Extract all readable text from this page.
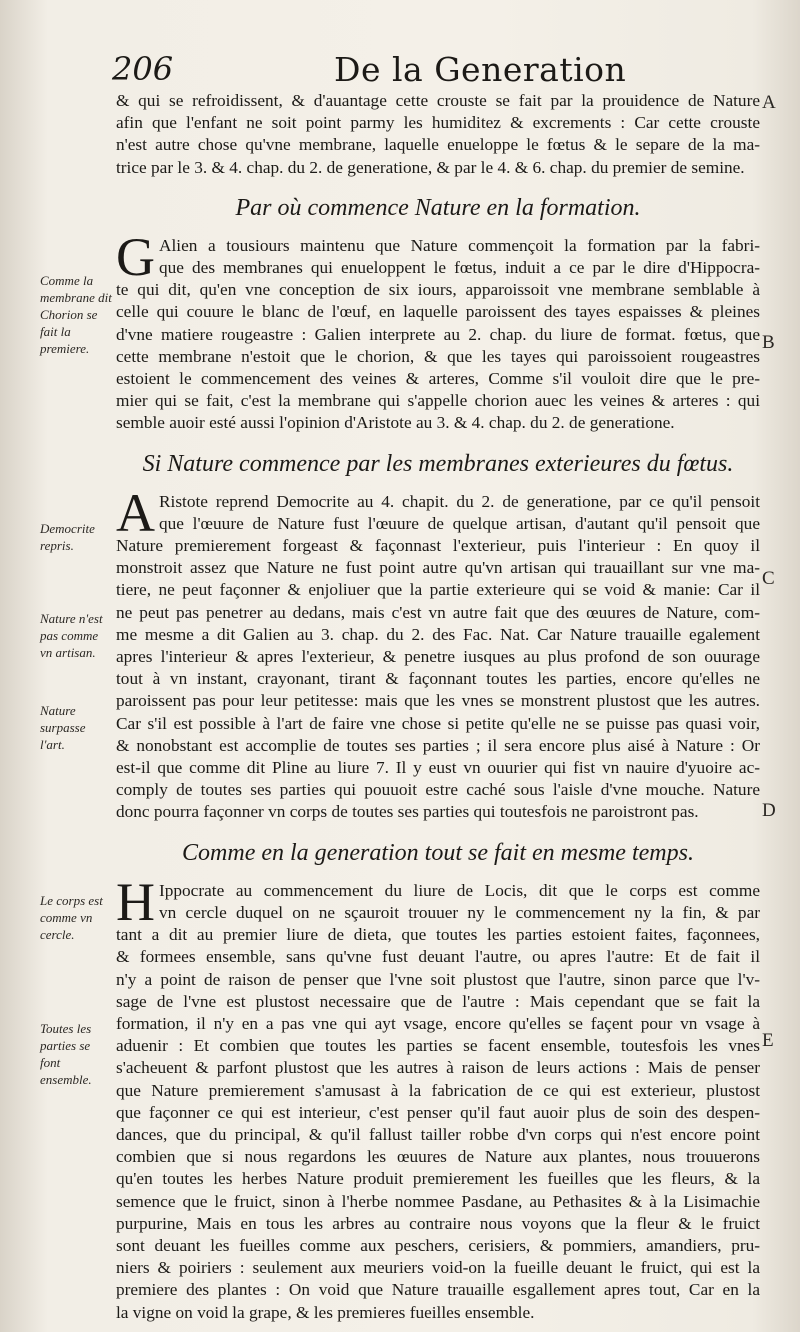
206	De la Generation
& qui se refroidissent, & d'auantage cette crouste se fait par la prouidence de Nature
afin que l'enfant ne soit point parmy les humiditez & excrements : Car cette crouste
n'est autre chose qu'vne membrane, laquelle enueloppe le fœtus & le separe de la ma-
trice par le 3. & 4. chap. du 2. de generatione, & par le 4. & 6. chap. du premier de semine.
Par où commence Nature en la formation.
G Alien a tousiours maintenu que Nature commençoit la formation par la fabri-
que des membranes qui enueloppent le fœtus, induit a ce par le dire d'Hippocra-
te qui dit, qu'en vne conception de six iours, apparoissoit vne membrane semblable à
celle qui couure le blanc de l'œuf, en laquelle paroissent des tayes espaisses & pleines
d'vne matiere rougeastre : Galien interprete au 2. chap. du liure de format. fœtus, que
cette membrane n'estoit que le chorion, & que les tayes qui paroissoient rougeastres
estoient le commencement des veines & arteres, Comme s'il vouloit dire que le pre-
mier qui se fait, c'est la membrane qui s'appelle chorion auec les veines & arteres : qui
semble auoir esté aussi l'opinion d'Aristote au 3. & 4. chap. du 2. de generatione.
Si Nature commence par les membranes exterieures du fœtus.
A Ristote reprend Democrite au 4. chapit. du 2. de generatione, par ce qu'il pensoit
que l'œuure de Nature fust l'œuure de quelque artisan, d'autant qu'il pensoit que
Nature premierement forgeast & façonnast l'exterieur, puis l'interieur : En quoy il
monstroit assez que Nature ne fust point autre qu'vn artisan qui trauaillant sur vne ma-
tiere, ne peut façonner & enjoliuer que la partie exterieure qui se void & manie: Car il
ne peut pas penetrer au dedans, mais c'est vn autre fait que des œuures de Nature, com-
me mesme a dit Galien au 3. chap. du 2. des Fac. Nat. Car Nature trauaille egalement
apres l'interieur & apres l'exterieur, & penetre iusques au plus profond de son ouurage
tout à vn instant, crayonant, tirant & façonnant toutes les parties, encore qu'elles ne
paroissent pas pour leur petitesse: mais que les vnes se monstrent plustost que les autres.
Car s'il est possible à l'art de faire vne chose si petite qu'elle ne se puisse pas quasi voir,
& nonobstant est accomplie de toutes ses parties ; il sera encore plus aisé à Nature : Or
est-il que comme dit Pline au liure 7. Il y eust vn ouurier qui fist vn nauire d'yuoire ac-
comply de toutes ses parties qui pouuoit estre caché sous l'aisle d'vne mouche. Nature
donc pourra façonner vn corps de toutes ses parties qui toutesfois ne paroistront pas.
Comme en la generation tout se fait en mesme temps.
H Ippocrate au commencement du liure de Locis, dit que le corps est comme
vn cercle duquel on ne sçauroit trouuer ny le commencement ny la fin, & par
tant a dit au premier liure de dieta, que toutes les parties estoient faites, façonnees,
& formees ensemble, sans qu'vne fust deuant l'autre, ou apres l'autre: Et de fait il
n'y a point de raison de penser que l'vne soit plustost que l'autre, sinon parce que l'v-
sage de l'vne est plustost necessaire que de l'autre : Mais cependant que se fait la
formation, il n'y en a pas vne qui ayt vsage, encore qu'elles se façent pour vn vsage à
aduenir : Et combien que toutes les parties se facent ensemble, toutesfois les vnes
s'acheuent & parfont plustost que les autres à raison de leurs actions : Mais de penser
que Nature premierement s'amusast à la fabrication de ce qui est exterieur, plustost
que façonner ce qui est interieur, c'est penser qu'il faut auoir plus de soin des despen-
dances, que du principal, & qu'il fallust tailler robbe d'vn corps qui n'est encore point
combien que si nous regardons les œuures de Nature aux plantes, nous trouuerons
qu'en toutes les herbes Nature produit premierement les fueilles que les fleurs, & la
semence que le fruict, sinon à l'herbe nommee Pasdane, au Pethasites & à la Lisimachie
purpurine, Mais en tous les arbres au contraire nous voyons que la fleur & le fruict
sont deuant les fueilles comme aux peschers, cerisiers, & pommiers, amandiers, pru-
niers & poiriers : seulement aux meuriers void-on la fueille deuant le fruict, qui est la
premiere des plantes : On void que Nature trauaille esgallement apres tout, Car en la
la vigne on void la grape, & les premieres fueilles ensemble.
Comme la membrane dit Chorion se fait la premiere.
Democrite repris.
Nature n'est pas comme vn artisan.
Nature surpasse l'art.
Le corps est comme vn cercle.
Toutes les parties se font ensemble.
A
B
C
D
E
